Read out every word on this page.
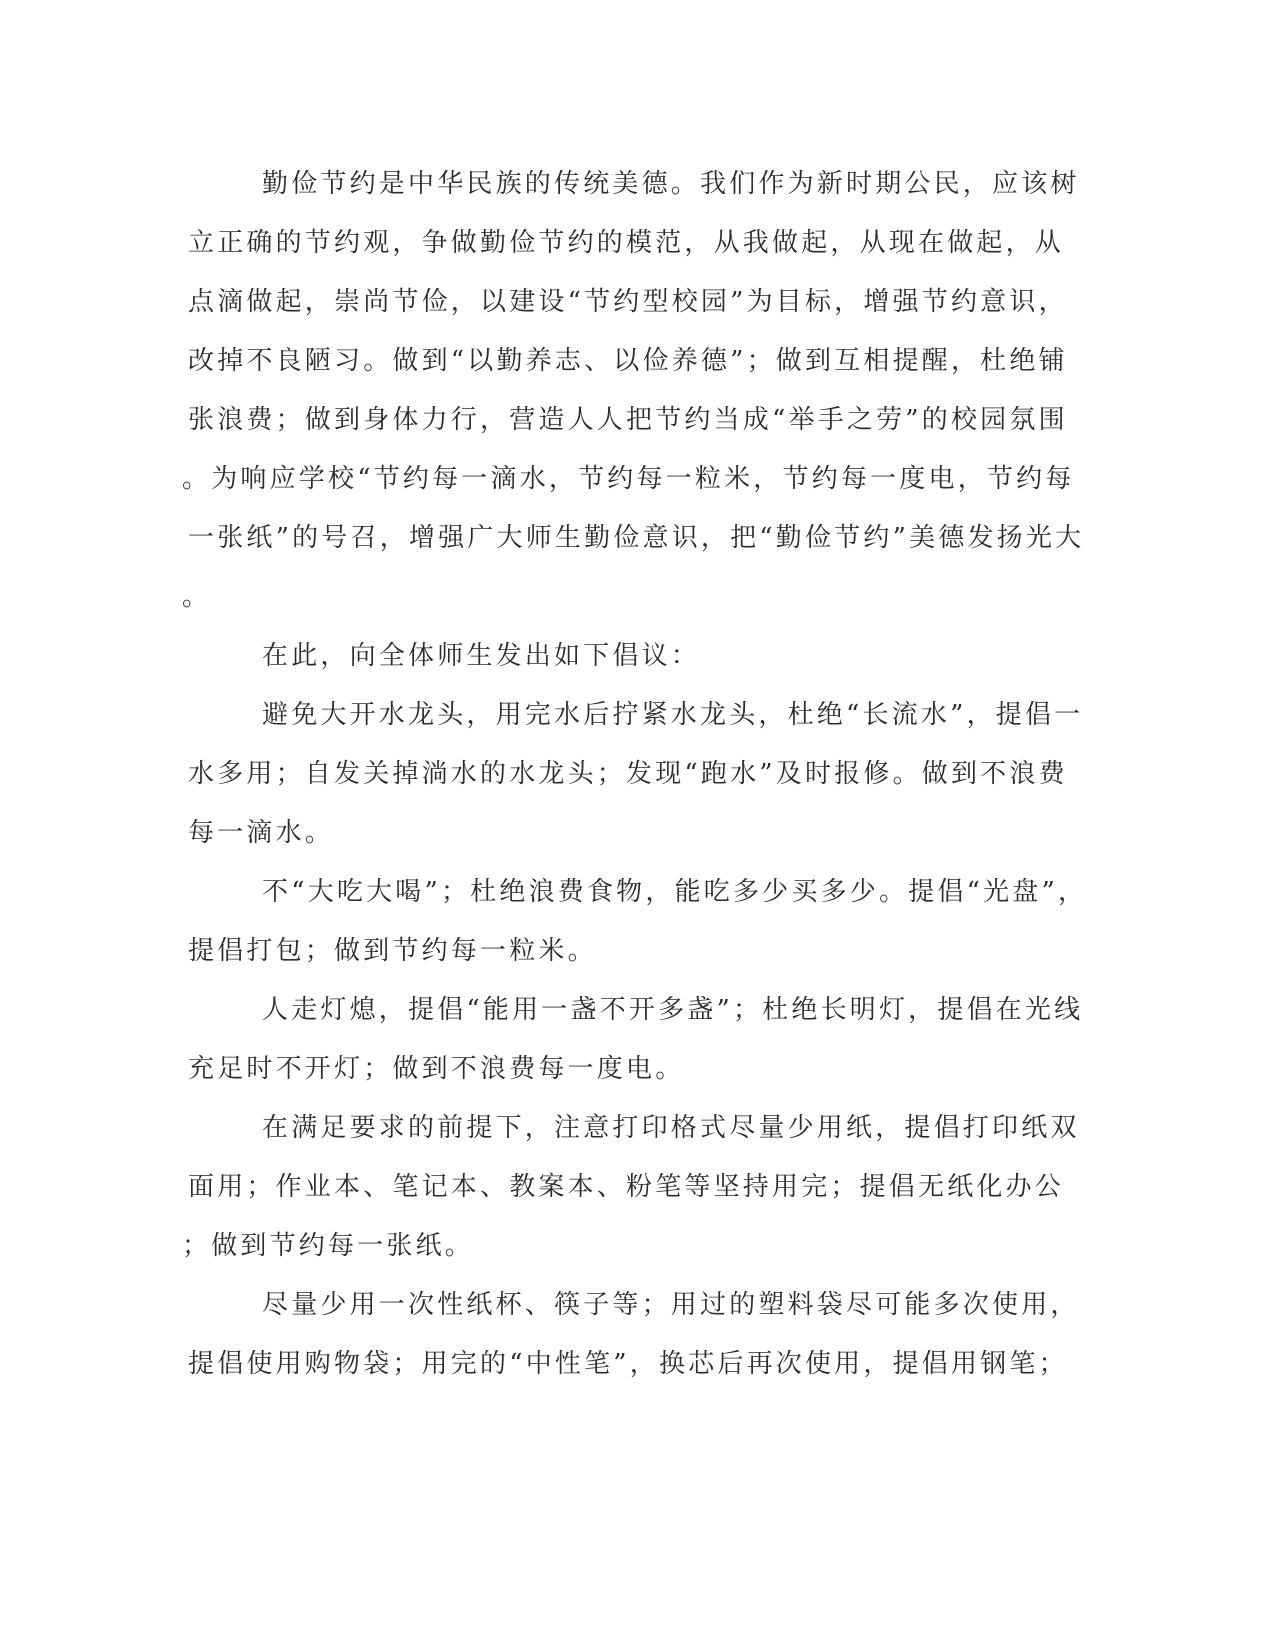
勤俭节约是中华民族的传统美德。我们作为新时期公民，应该树
立正确的节约观，争做勤俭节约的模范，从我做起，从现在做起，从
点滴做起，崇尚节俭，以建设“节约型校园”为目标，增强节约意识，
改掉不良陋习。做到“以勤养志、以俭养德”；做到互相提醒，杜绝铺
张浪费；做到身体力行，营造人人把节约当成“举手之劳”的校园氛围
。为响应学校“节约每一滴水，节约每一粒米，节约每一度电，节约每
一张纸”的号召，增强广大师生勤俭意识，把“勤俭节约”美德发扬光大
。
在此，向全体师生发出如下倡议：
避免大开水龙头，用完水后拧紧水龙头，杜绝“长流水”，提倡一
水多用；自发关掉淌水的水龙头；发现“跑水”及时报修。做到不浪费
每一滴水。
不“大吃大喝”；杜绝浪费食物，能吃多少买多少。提倡“光盘”，
提倡打包；做到节约每一粒米。
人走灯熄，提倡“能用一盏不开多盏”；杜绝长明灯，提倡在光线
充足时不开灯；做到不浪费每一度电。
在满足要求的前提下，注意打印格式尽量少用纸，提倡打印纸双
面用；作业本、笔记本、教案本、粉笔等坚持用完；提倡无纸化办公
；做到节约每一张纸。
尽量少用一次性纸杯、筷子等；用过的塑料袋尽可能多次使用，
提倡使用购物袋；用完的“中性笔”，换芯后再次使用，提倡用钢笔；
